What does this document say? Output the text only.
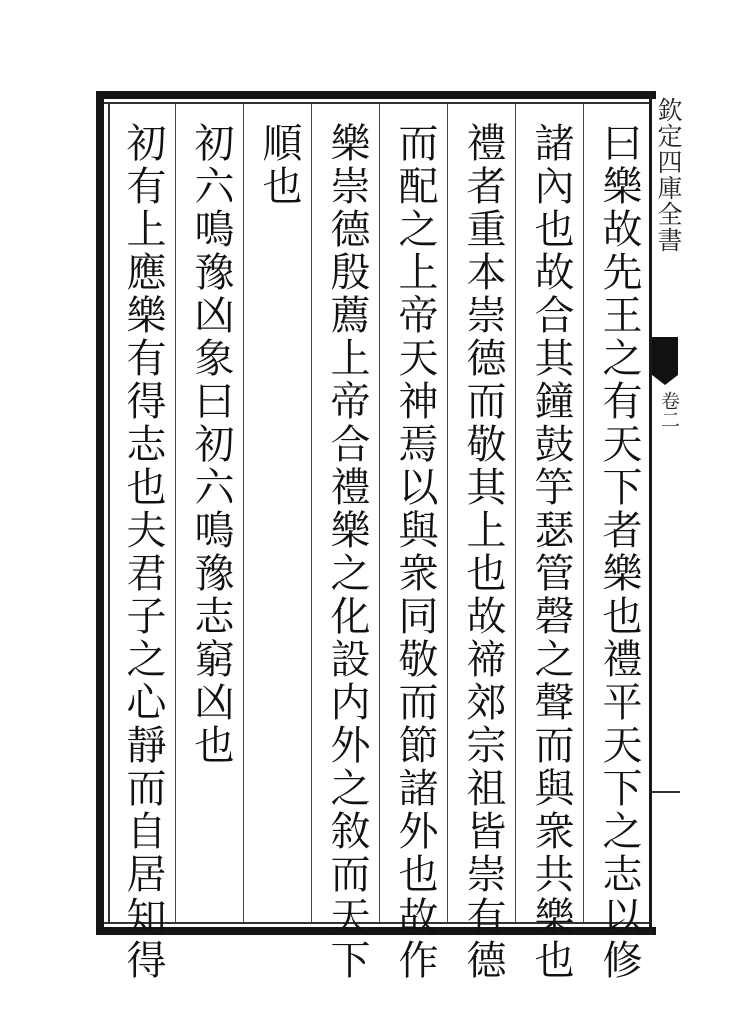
曰樂故先王之有天下者樂也禮平天下之志以修

諸內也故合其鐘鼓竽瑟管磬之聲而與衆共樂也

禮者重本崇德而敬其上也故禘郊宗祖皆崇有德

而配之上帝天神焉以與衆同敬而節諸外也故作

樂崇德殷薦上帝合禮樂之化設内外之敘而天下

順也

初六鳴豫凶象曰初六鳴豫志窮凶也

初有上應樂有得志也夫君子之心靜而自居知得	欽定四庫全書
卷二
